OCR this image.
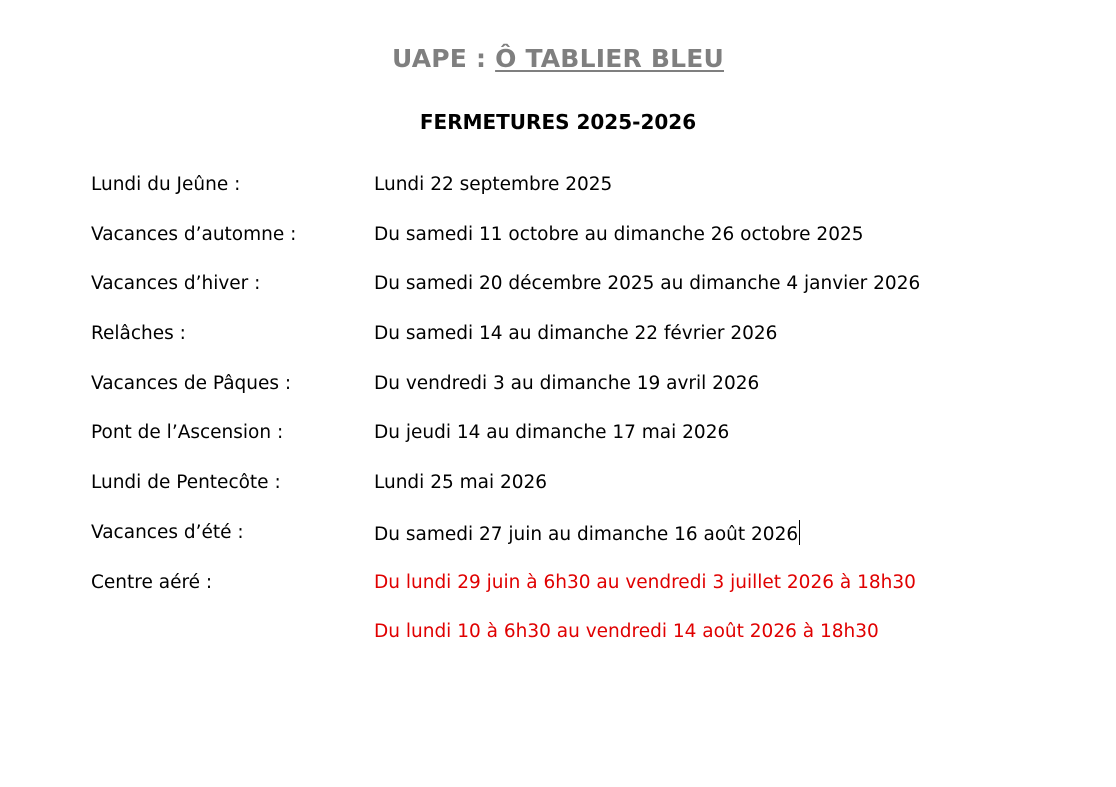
UAPE : Ô TABLIER BLEU
FERMETURES 2025-2026
Lundi du Jeûne :	Lundi 22 septembre 2025
Vacances d’automne :	Du samedi 11 octobre au dimanche 26 octobre 2025
Vacances d’hiver :	Du samedi 20 décembre 2025 au dimanche 4 janvier 2026
Relâches :	Du samedi 14 au dimanche 22 février 2026
Vacances de Pâques :	Du vendredi 3 au dimanche 19 avril 2026
Pont de l’Ascension :	Du jeudi 14 au dimanche 17 mai 2026
Lundi de Pentecôte :	Lundi 25 mai 2026
Vacances d’été :	Du samedi 27 juin au dimanche 16 août 2026
Centre aéré :	Du lundi 29 juin à 6h30 au vendredi 3 juillet 2026 à 18h30
Du lundi 10 à 6h30 au vendredi 14 août 2026 à 18h30
